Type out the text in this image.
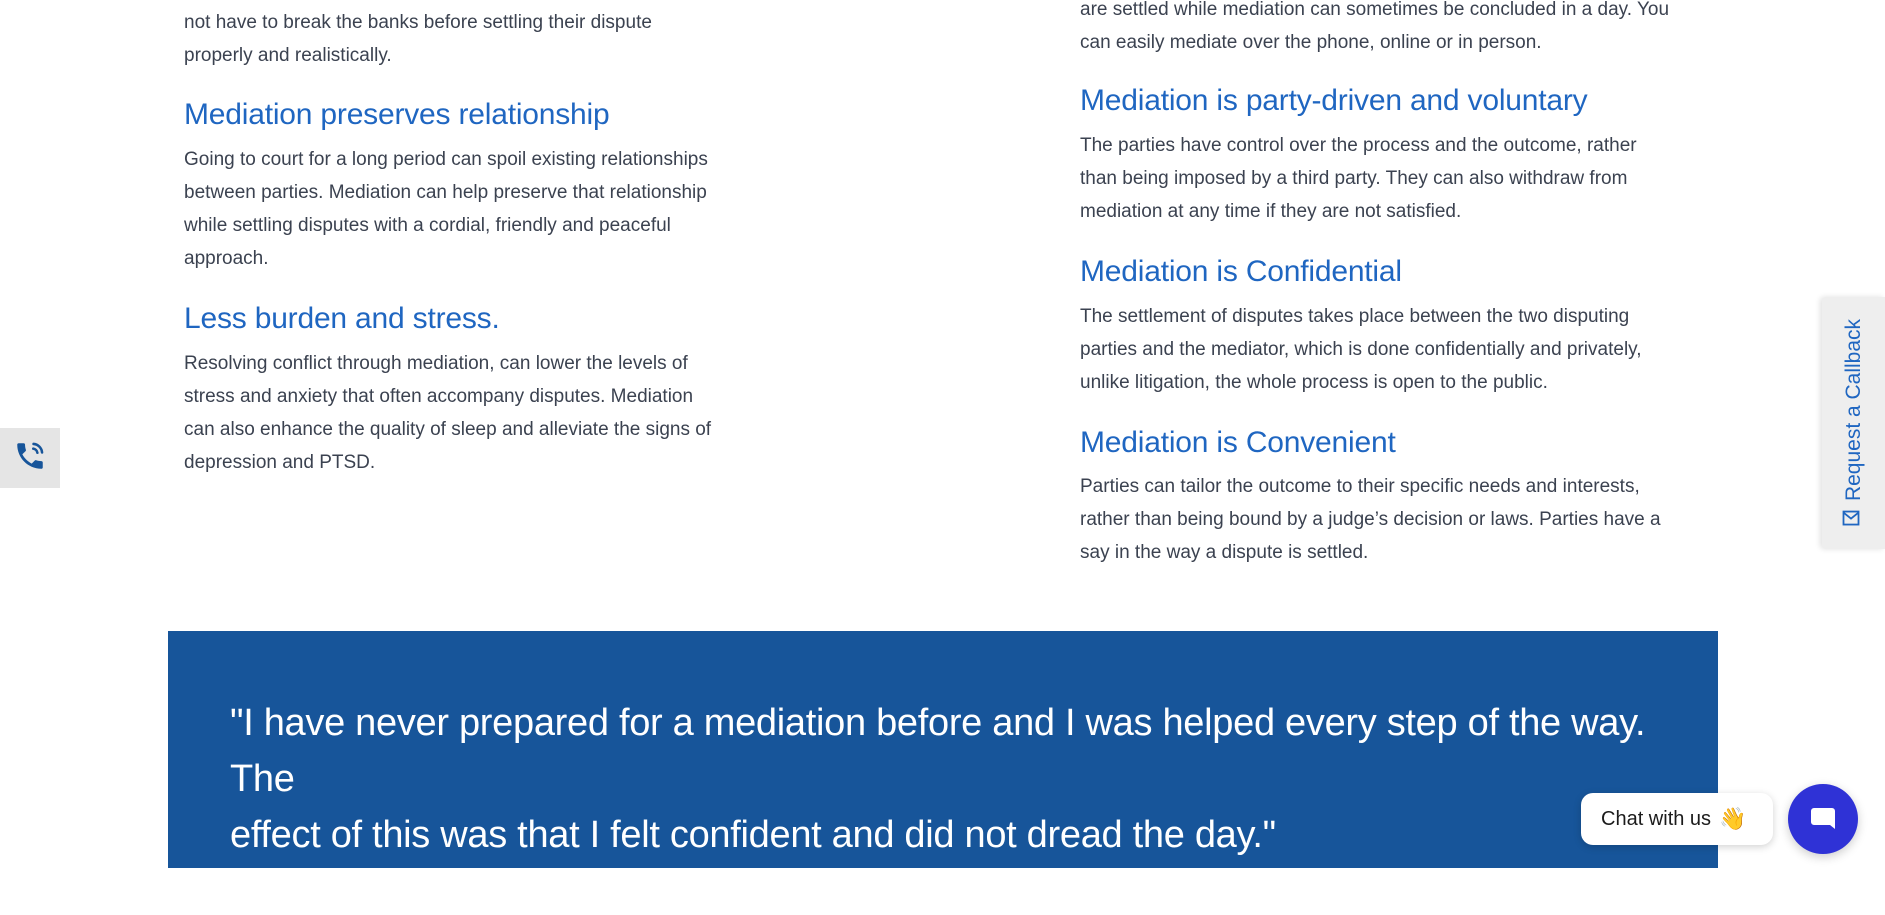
not have to break the banks before settling their dispute

properly and realistically.

Mediation preserves relationship

Going to court for a long period can spoil existing relationships

between parties. Mediation can help preserve that relationship

while settling disputes with a cordial, friendly and peaceful

approach.

Less burden and stress.

Resolving conflict through mediation, can lower the levels of

stress and anxiety that often accompany disputes. Mediation

can also enhance the quality of sleep and alleviate the signs of

depression and PTSD.

are settled while mediation can sometimes be concluded in a day. You

can easily mediate over the phone, online or in person.

Mediation is party-driven and voluntary

The parties have control over the process and the outcome, rather

than being imposed by a third party. They can also withdraw from

mediation at any time if they are not satisfied.

Mediation is Confidential

The settlement of disputes takes place between the two disputing

parties and the mediator, which is done confidentially and privately,

unlike litigation, the whole process is open to the public.

Mediation is Convenient

Parties can tailor the outcome to their specific needs and interests,

rather than being bound by a judge’s decision or laws. Parties have a

say in the way a dispute is settled.

Request a Callback

"I have never prepared for a mediation before and I was helped every step of the way. The
effect of this was that I felt confident and did not dread the day."	Chat with us 👋
